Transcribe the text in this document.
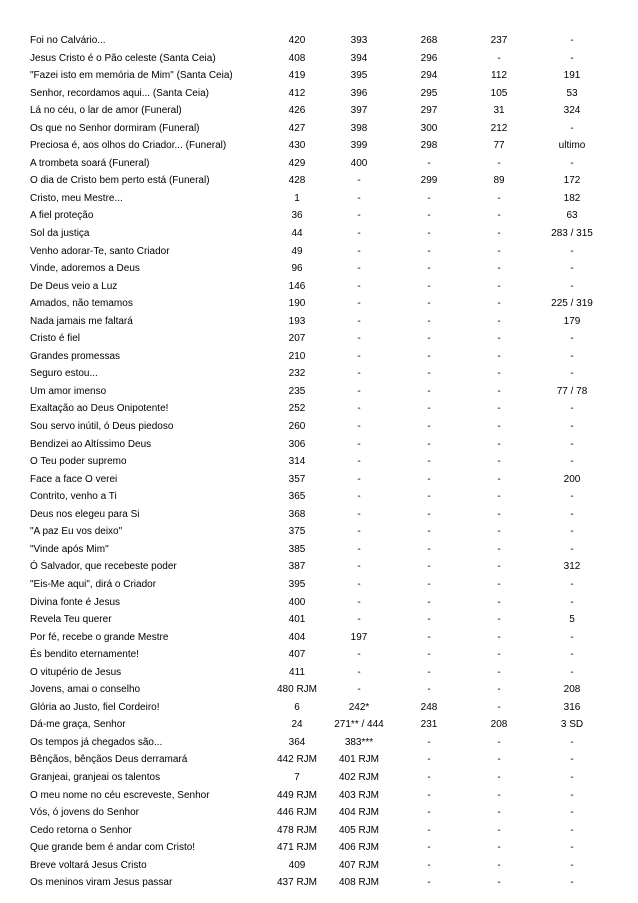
Foi no Calvário...	420	393	268	237	-
Jesus Cristo é o Pão celeste (Santa Ceia)	408	394	296	-	-
"Fazei isto em memória de Mim" (Santa Ceia)	419	395	294	112	191
Senhor, recordamos aqui... (Santa Ceia)	412	396	295	105	53
Lá no céu, o lar de amor (Funeral)	426	397	297	31	324
Os que no Senhor dormiram (Funeral)	427	398	300	212	-
Preciosa é, aos olhos do Criador... (Funeral)	430	399	298	77	ultimo
A trombeta soará (Funeral)	429	400	-	-	-
O dia de Cristo bem perto está (Funeral)	428	-	299	89	172
Cristo, meu Mestre...	1	-	-	-	182
A fiel proteção	36	-	-	-	63
Sol da justiça	44	-	-	-	283 / 315
Venho adorar-Te, santo Criador	49	-	-	-	-
Vinde, adoremos a Deus	96	-	-	-	-
De Deus veio a Luz	146	-	-	-	-
Amados, não temamos	190	-	-	-	225 / 319
Nada jamais me faltará	193	-	-	-	179
Cristo é fiel	207	-	-	-	-
Grandes promessas	210	-	-	-	-
Seguro estou...	232	-	-	-	-
Um amor imenso	235	-	-	-	77 / 78
Exaltação ao Deus Onipotente!	252	-	-	-	-
Sou servo inútil, ó Deus piedoso	260	-	-	-	-
Bendizei ao Altíssimo Deus	306	-	-	-	-
O Teu poder supremo	314	-	-	-	-
Face a face O verei	357	-	-	-	200
Contrito, venho a Ti	365	-	-	-	-
Deus nos elegeu para Si	368	-	-	-	-
"A paz Eu vos deixo"	375	-	-	-	-
"Vinde após Mim"	385	-	-	-	-
Ó Salvador, que recebeste poder	387	-	-	-	312
"Eis-Me aqui", dirá o Criador	395	-	-	-	-
Divina fonte é Jesus	400	-	-	-	-
Revela Teu querer	401	-	-	-	5
Por fé, recebe o grande Mestre	404	197	-	-	-
És bendito eternamente!	407	-	-	-	-
O vitupério de Jesus	411	-	-	-	-
Jovens, amai o conselho	480 RJM	-	-	-	208
Glória ao Justo, fiel Cordeiro!	6	242*	248	-	316
Dá-me graça, Senhor	24	271** / 444	231	208	3 SD
Os tempos já chegados são...	364	383***	-	-	-
Bênçãos, bênçãos Deus derramará	442 RJM	401 RJM	-	-	-
Granjeai, granjeai os talentos	7	402 RJM	-	-	-
O meu nome no céu escreveste, Senhor	449 RJM	403 RJM	-	-	-
Vós, ó jovens do Senhor	446 RJM	404 RJM	-	-	-
Cedo retorna o Senhor	478 RJM	405 RJM	-	-	-
Que grande bem é andar com Cristo!	471 RJM	406 RJM	-	-	-
Breve voltará Jesus Cristo	409	407 RJM	-	-	-
Os meninos viram Jesus passar	437 RJM	408 RJM	-	-	-
